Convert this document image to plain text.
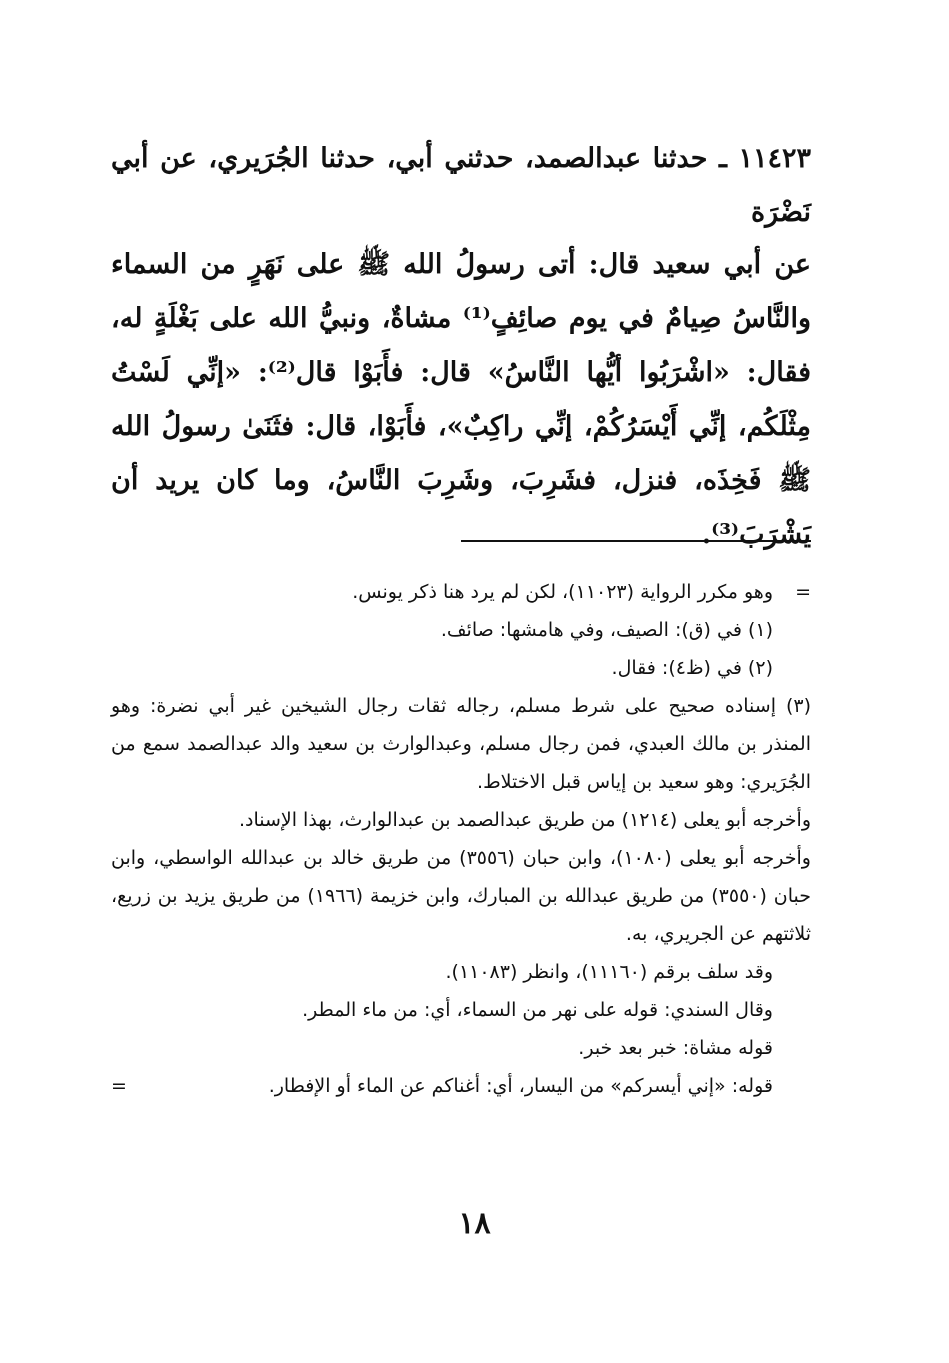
١١٤٢٣ ـ حدثنا عبدالصمد، حدثني أبي، حدثنا الجُرَيري، عن أبي نَضْرَة
عن أبي سعيد قال: أتى رسولُ الله ﷺ على نَهَرٍ من السماء والنَّاسُ صِيامٌ في يوم صائِفٍ⁽¹⁾ مشاةٌ، ونبيُّ الله على بَغْلَةٍ له، فقال: «اشْرَبُوا أيُّها النَّاسُ» قال: فأَبَوْا قال⁽²⁾: «إنِّي لَسْتُ مِثْلَكُم، إنِّي أَيْسَرُكُمْ، إنِّي راكِبٌ»، فأَبَوْا، قال: فثَنَىٰ رسولُ الله ﷺ فَخِذَه، فنزل، فشَرِبَ، وشَرِبَ النَّاسُ، وما كان يريد أن يَشْرَبَ⁽³⁾.

=
وهو مكرر الرواية (١١٠٢٣)، لكن لم يرد هنا ذكر يونس.

(١) في (ق): الصيف، وفي هامشها: صائف.

(٢) في (ظ٤): فقال.

(٣) إسناده صحيح على شرط مسلم، رجاله ثقات رجال الشيخين غير أبي نضرة: وهو المنذر بن مالك العبدي، فمن رجال مسلم، وعبدالوارث بن سعيد والد عبدالصمد سمع من الجُرَيري: وهو سعيد بن إياس قبل الاختلاط.

وأخرجه أبو يعلى (١٢١٤) من طريق عبدالصمد بن عبدالوارث، بهذا الإسناد.

وأخرجه أبو يعلى (١٠٨٠)، وابن حبان (٣٥٥٦) من طريق خالد بن عبدالله الواسطي، وابن حبان (٣٥٥٠) من طريق عبدالله بن المبارك، وابن خزيمة (١٩٦٦) من طريق يزيد بن زريع، ثلاثتهم عن الجريري، به.

وقد سلف برقم (١١١٦٠)، وانظر (١١٠٨٣).

وقال السندي: قوله على نهر من السماء، أي: من ماء المطر.

قوله مشاة: خبر بعد خبر.

قوله: «إني أيسركم» من اليسار، أي: أغناكم عن الماء أو الإفطار.
=

١٨
